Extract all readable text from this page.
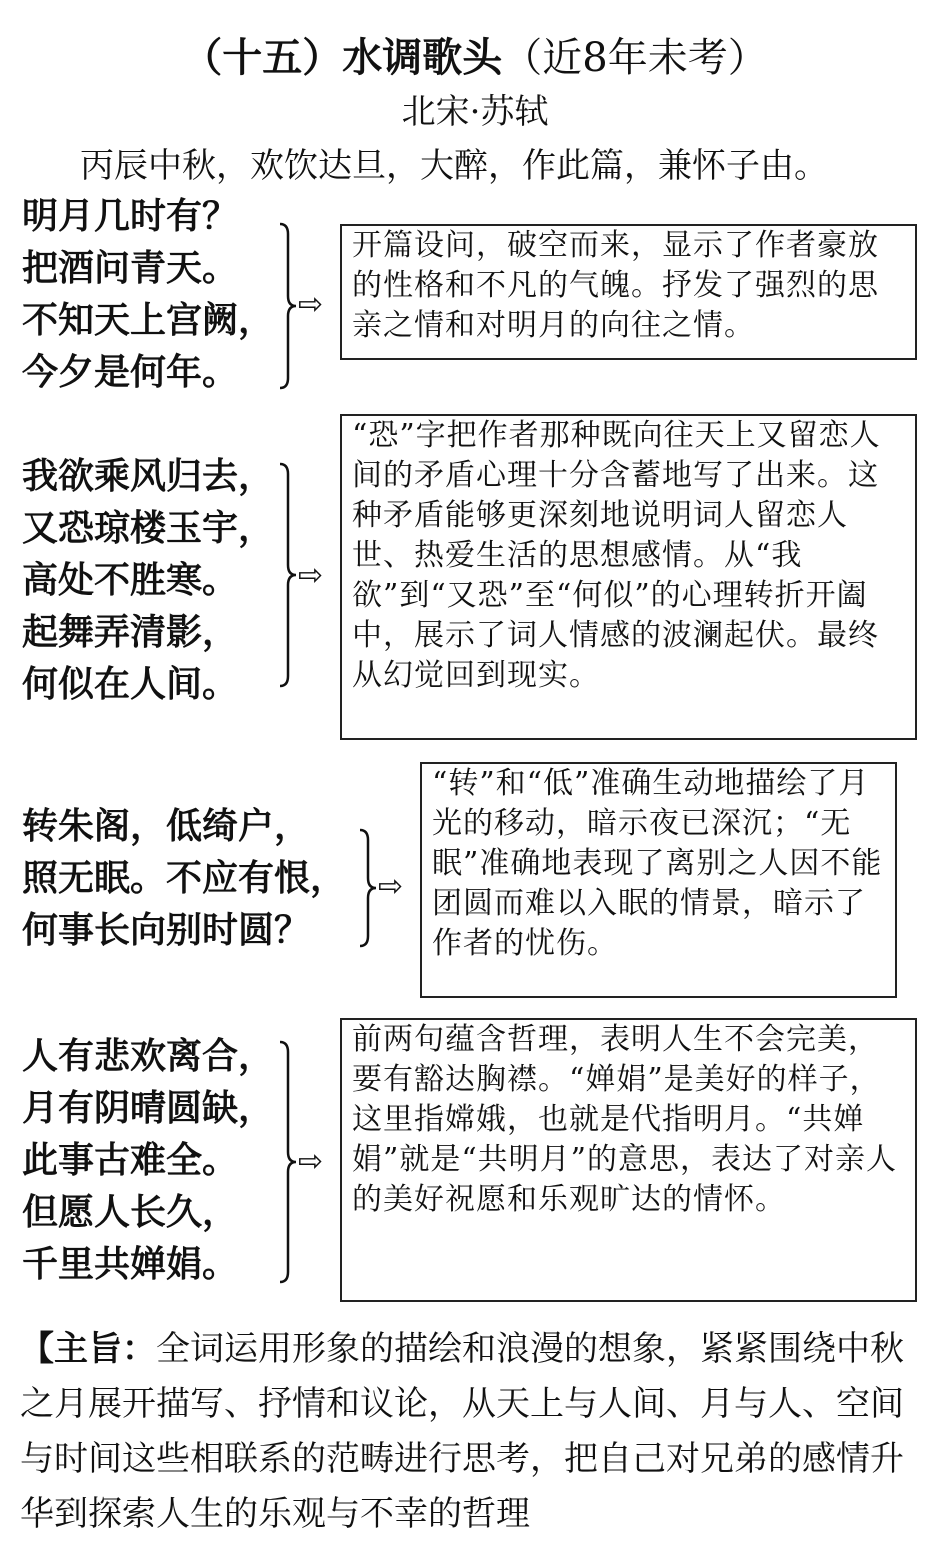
（十五）水调歌头（近8年未考）
北宋·苏轼
丙辰中秋，欢饮达旦，大醉，作此篇，兼怀子由。
明月几时有？
把酒问青天。
不知天上宫阙，
今夕是何年。
⇨
开篇设问，破空而来，显示了作者豪放的性格和不凡的气魄。抒发了强烈的思亲之情和对明月的向往之情。
我欲乘风归去，
又恐琼楼玉宇，
高处不胜寒。
起舞弄清影，
何似在人间。
⇨
“恐”字把作者那种既向往天上又留恋人间的矛盾心理十分含蓄地写了出来。这种矛盾能够更深刻地说明词人留恋人世、热爱生活的思想感情。从“我欲”到“又恐”至“何似”的心理转折开阖中，展示了词人情感的波澜起伏。最终从幻觉回到现实。
转朱阁，低绮户，
照无眠。不应有恨，
何事长向别时圆？
⇨
“转”和“低”准确生动地描绘了月光的移动，暗示夜已深沉；“无眠”准确地表现了离别之人因不能团圆而难以入眠的情景，暗示了作者的忧伤。
人有悲欢离合，
月有阴晴圆缺，
此事古难全。
但愿人长久，
千里共婵娟。
⇨
前两句蕴含哲理，表明人生不会完美，要有豁达胸襟。“婵娟”是美好的样子，这里指嫦娥，也就是代指明月。“共婵娟”就是“共明月”的意思，表达了对亲人的美好祝愿和乐观旷达的情怀。
【主旨：全词运用形象的描绘和浪漫的想象，紧紧围绕中秋之月展开描写、抒情和议论，从天上与人间、月与人、空间与时间这些相联系的范畴进行思考，把自己对兄弟的感情升华到探索人生的乐观与不幸的哲理
